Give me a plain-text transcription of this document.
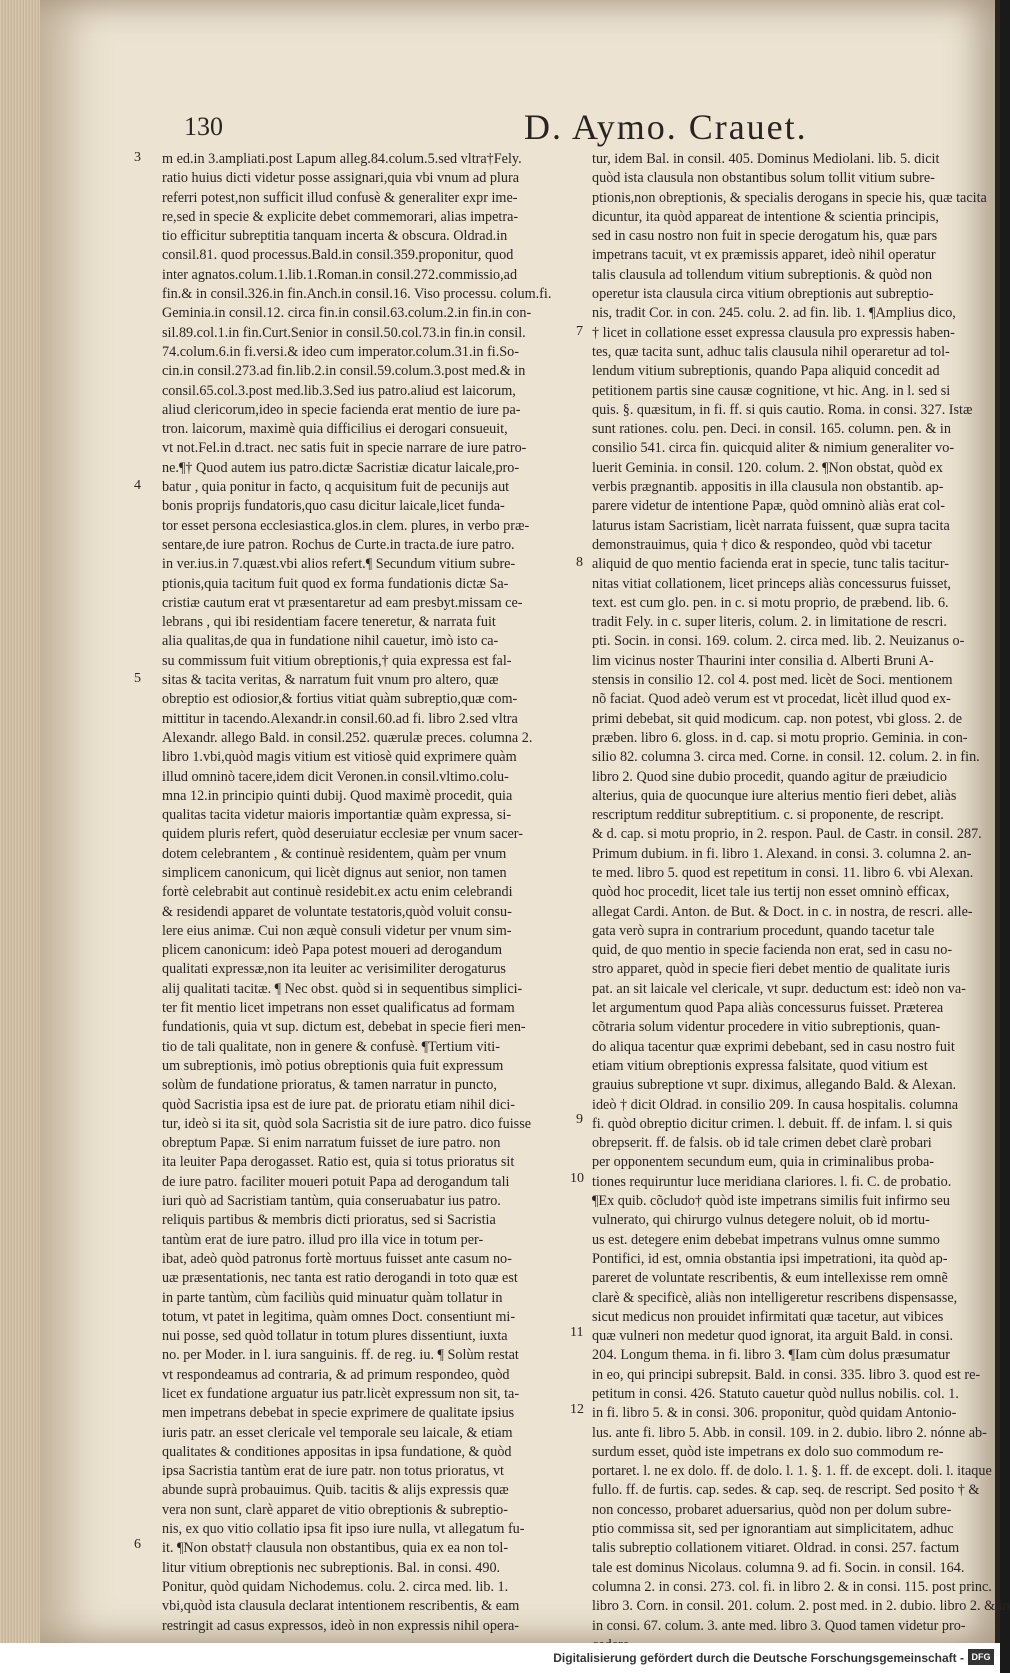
130	D. Aymo. Crauet.

m ed.in 3.ampliati.post Lapum alleg.84.colum.5.sed vltra†Fely.

ratio huius dicti videtur posse assignari,quia vbi vnum ad plura

referri potest,non sufficit illud confusè & generaliter expr ime-

re,sed in specie & explicite debet commemorari, alias impetra-

tio efficitur subreptitia tanquam incerta & obscura. Oldrad.in

consil.81. quod processus.Bald.in consil.359.proponitur, quod

inter agnatos.colum.1.lib.1.Roman.in consil.272.commissio,ad

fin.& in consil.326.in fin.Anch.in consil.16. Viso processu. colum.fi.

Geminia.in consil.12. circa fin.in consil.63.colum.2.in fin.in con-

sil.89.col.1.in fin.Curt.Senior in consil.50.col.73.in fin.in consil.

74.colum.6.in fi.versi.& ideo cum imperator.colum.31.in fi.So-

cin.in consil.273.ad fin.lib.2.in consil.59.colum.3.post med.& in

consil.65.col.3.post med.lib.3.Sed ius patro.aliud est laicorum,

aliud clericorum,ideo in specie facienda erat mentio de iure pa-

tron. laicorum, maximè quia difficilius ei derogari consueuit,

vt not.Fel.in d.tract. nec satis fuit in specie narrare de iure patro-

ne.¶† Quod autem ius patro.dictæ Sacristiæ dicatur laicale,pro-

batur , quia ponitur in facto, q acquisitum fuit de pecunijs aut

bonis proprijs fundatoris,quo casu dicitur laicale,licet funda-

tor esset persona ecclesiastica.glos.in clem. plures, in verbo præ-

sentare,de iure patron. Rochus de Curte.in tracta.de iure patro.

in ver.ius.in 7.quæst.vbi alios refert.¶ Secundum vitium subre-

ptionis,quia tacitum fuit quod ex forma fundationis dictæ Sa-

cristiæ cautum erat vt præsentaretur ad eam presbyt.missam ce-

lebrans , qui ibi residentiam facere teneretur, & narrata fuit

alia qualitas,de qua in fundatione nihil cauetur, imò isto ca-

su commissum fuit vitium obreptionis,† quia expressa est fal-

sitas & tacita veritas, & narratum fuit vnum pro altero, quæ

obreptio est odiosior,& fortius vitiat quàm subreptio,quæ com-

mittitur in tacendo.Alexandr.in consil.60.ad fi. libro 2.sed vltra

Alexandr. allego Bald. in consil.252. quærulæ preces. columna 2.

libro 1.vbi,quòd magis vitium est vitiosè quid exprimere quàm

illud omninò tacere,idem dicit Veronen.in consil.vltimo.colu-

mna 12.in principio quinti dubij. Quod maximè procedit, quia

qualitas tacita videtur maioris importantiæ quàm expressa, si-

quidem pluris refert, quòd deseruiatur ecclesiæ per vnum sacer-

dotem celebrantem , & continuè residentem, quàm per vnum

simplicem canonicum, qui licèt dignus aut senior, non tamen

fortè celebrabit aut continuè residebit.ex actu enim celebrandi

& residendi apparet de voluntate testatoris,quòd voluit consu-

lere eius animæ. Cui non æquè consuli videtur per vnum sim-

plicem canonicum: ideò Papa potest moueri ad derogandum

qualitati expressæ,non ita leuiter ac verisimiliter derogaturus

alij qualitati tacitæ. ¶ Nec obst. quòd si in sequentibus simplici-

ter fit mentio licet impetrans non esset qualificatus ad formam

fundationis, quia vt sup. dictum est, debebat in specie fieri men-

tio de tali qualitate, non in genere & confusè. ¶Tertium viti-

um subreptionis, imò potius obreptionis quia fuit expressum

solùm de fundatione prioratus, & tamen narratur in puncto,

quòd Sacristia ipsa est de iure pat. de prioratu etiam nihil dici-

tur, ideò si ita sit, quòd sola Sacristia sit de iure patro. dico fuisse

obreptum Papæ. Si enim narratum fuisset de iure patro. non

ita leuiter Papa derogasset. Ratio est, quia si totus prioratus sit

de iure patro. faciliter moueri potuit Papa ad derogandum tali

iuri quò ad Sacristiam tantùm, quia conseruabatur ius patro.

reliquis partibus & membris dicti prioratus, sed si Sacristia

tantùm erat de iure patro. illud pro illa vice in totum per-

ibat, adeò quòd patronus fortè mortuus fuisset ante casum no-

uæ præsentationis, nec tanta est ratio derogandi in toto quæ est

in parte tantùm, cùm faciliùs quid minuatur quàm tollatur in

totum, vt patet in legitima, quàm omnes Doct. consentiunt mi-

nui posse, sed quòd tollatur in totum plures dissentiunt, iuxta

no. per Moder. in l. iura sanguinis. ff. de reg. iu. ¶ Solùm restat

vt respondeamus ad contraria, & ad primum respondeo, quòd

licet ex fundatione arguatur ius patr.licèt expressum non sit, ta-

men impetrans debebat in specie exprimere de qualitate ipsius

iuris patr. an esset clericale vel temporale seu laicale, & etiam

qualitates & conditiones appositas in ipsa fundatione, & quòd

ipsa Sacristia tantùm erat de iure patr. non totus prioratus, vt

abunde suprà probauimus. Quib. tacitis & alijs expressis quæ

vera non sunt, clarè apparet de vitio obreptionis & subreptio-

nis, ex quo vitio collatio ipsa fit ipso iure nulla, vt allegatum fu-

it. ¶Non obstat† clausula non obstantibus, quia ex ea non tol-

litur vitium obreptionis nec subreptionis. Bal. in consi. 490.

Ponitur, quòd quidam Nichodemus. colu. 2. circa med. lib. 1.

vbi,quòd ista clausula declarat intentionem rescribentis, & eam

restringit ad casus expressos, ideò in non expressis nihil opera-

tur, idem Bal. in consil. 405. Dominus Mediolani. lib. 5. dicit

quòd ista clausula non obstantibus solum tollit vitium subre-

ptionis,non obreptionis, & specialis derogans in specie his, quæ tacita

dicuntur, ita quòd appareat de intentione & scientia principis,

sed in casu nostro non fuit in specie derogatum his, quæ pars

impetrans tacuit, vt ex præmissis apparet, ideò nihil operatur

talis clausula ad tollendum vitium subreptionis. & quòd non

operetur ista clausula circa vitium obreptionis aut subreptio-

nis, tradit Cor. in con. 245. colu. 2. ad fin. lib. 1. ¶Amplius dico,

† licet in collatione esset expressa clausula pro expressis haben-

tes, quæ tacita sunt, adhuc talis clausula nihil operaretur ad tol-

lendum vitium subreptionis, quando Papa aliquid concedit ad

petitionem partis sine causæ cognitione, vt hic. Ang. in l. sed si

quis. §. quæsitum, in fi. ff. si quis cautio. Roma. in consi. 327. Istæ

sunt rationes. colu. pen. Deci. in consil. 165. column. pen. & in

consilio 541. circa fin. quicquid aliter & nimium generaliter vo-

luerit Geminia. in consil. 120. colum. 2. ¶Non obstat, quòd ex

verbis prægnantib. appositis in illa clausula non obstantib. ap-

parere videtur de intentione Papæ, quòd omninò aliàs erat col-

laturus istam Sacristiam, licèt narrata fuissent, quæ supra tacita

demonstrauimus, quia † dico & respondeo, quòd vbi tacetur

aliquid de quo mentio facienda erat in specie, tunc talis tacitur-

nitas vitiat collationem, licet princeps aliàs concessurus fuisset,

text. est cum glo. pen. in c. si motu proprio, de præbend. lib. 6.

tradit Fely. in c. super literis, colum. 2. in limitatione de rescri.

pti. Socin. in consi. 169. colum. 2. circa med. lib. 2. Neuizanus o-

lim vicinus noster Thaurini inter consilia d. Alberti Bruni A-

stensis in consilio 12. col 4. post med. licèt de Soci. mentionem

nõ faciat. Quod adeò verum est vt procedat, licèt illud quod ex-

primi debebat, sit quid modicum. cap. non potest, vbi gloss. 2. de

præben. libro 6. gloss. in d. cap. si motu proprio. Geminia. in con-

silio 82. columna 3. circa med. Corne. in consil. 12. colum. 2. in fin.

libro 2. Quod sine dubio procedit, quando agitur de præiudicio

alterius, quia de quocunque iure alterius mentio fieri debet, aliàs

rescriptum redditur subreptitium. c. si proponente, de rescript.

& d. cap. si motu proprio, in 2. respon. Paul. de Castr. in consil. 287.

Primum dubium. in fi. libro 1. Alexand. in consi. 3. columna 2. an-

te med. libro 5. quod est repetitum in consi. 11. libro 6. vbi Alexan.

quòd hoc procedit, licet tale ius tertij non esset omninò efficax,

allegat Cardi. Anton. de But. & Doct. in c. in nostra, de rescri. alle-

gata verò supra in contrarium procedunt, quando tacetur tale

quid, de quo mentio in specie facienda non erat, sed in casu no-

stro apparet, quòd in specie fieri debet mentio de qualitate iuris

pat. an sit laicale vel clericale, vt supr. deductum est: ideò non va-

let argumentum quod Papa aliàs concessurus fuisset. Præterea

cõtraria solum videntur procedere in vitio subreptionis, quan-

do aliqua tacentur quæ exprimi debebant, sed in casu nostro fuit

etiam vitium obreptionis expressa falsitate, quod vitium est

grauius subreptione vt supr. diximus, allegando Bald. & Alexan.

ideò † dicit Oldrad. in consilio 209. In causa hospitalis. columna

fi. quòd obreptio dicitur crimen. l. debuit. ff. de infam. l. si quis

obrepserit. ff. de falsis. ob id tale crimen debet clarè probari

per opponentem secundum eum, quia in criminalibus proba-

tiones requiruntur luce meridiana clariores. l. fi. C. de probatio.

¶Ex quib. cõcludo† quòd iste impetrans similis fuit infirmo seu

vulnerato, qui chirurgo vulnus detegere noluit, ob id mortu-

us est. detegere enim debebat impetrans vulnus omne summo

Pontifici, id est, omnia obstantia ipsi impetrationi, ita quòd ap-

pareret de voluntate rescribentis, & eum intellexisse rem omnẽ

clarè & specificè, aliàs non intelligeretur rescribens dispensasse,

sicut medicus non prouidet infirmitati quæ tacetur, aut vibices

quæ vulneri non medetur quod ignorat, ita arguit Bald. in consi.

204. Longum thema. in fi. libro 3. ¶Iam cùm dolus præsumatur

in eo, qui principi subrepsit. Bald. in consi. 335. libro 3. quod est re-

petitum in consi. 426. Statuto cauetur quòd nullus nobilis. col. 1.

in fi. libro 5. & in consi. 306. proponitur, quòd quidam Antonio-

lus. ante fi. libro 5. Abb. in consil. 109. in 2. dubio. libro 2. nónne ab-

surdum esset, quòd iste impetrans ex dolo suo commodum re-

portaret. l. ne ex dolo. ff. de dolo. l. 1. §. 1. ff. de except. doli. l. itaque

fullo. ff. de furtis. cap. sedes. & cap. seq. de rescript. Sed posito † &

non concesso, probaret aduersarius, quòd non per dolum subre-

ptio commissa sit, sed per ignorantiam aut simplicitatem, adhuc

talis subreptio collationem vitiaret. Oldrad. in consi. 257. factum

tale est dominus Nicolaus. columna 9. ad fi. Socin. in consil. 164.

columna 2. in consi. 273. col. fi. in libro 2. & in consi. 115. post princ.

libro 3. Corn. in consil. 201. colum. 2. post med. in 2. dubio. libro 2. & in

in consi. 67. colum. 3. ante med. libro 3. Quod tamen videtur pro-

3
4
5
6
7
8
9
10
11
12
Digitalisierung gefördert durch die Deutsche Forschungsgemeinschaft - DFG
